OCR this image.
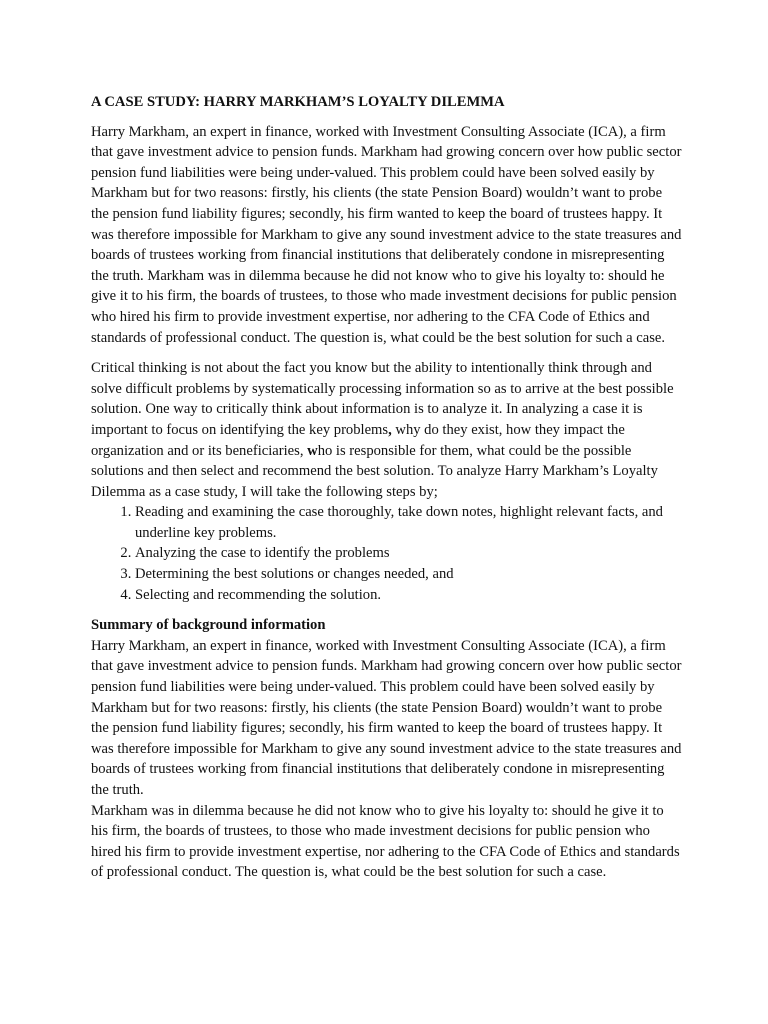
A CASE STUDY: HARRY MARKHAM’S LOYALTY DILEMMA

Harry Markham, an expert in finance, worked with Investment Consulting Associate (ICA), a firm that gave investment advice to pension funds. Markham had growing concern over how public sector pension fund liabilities were being under-valued. This problem could have been solved easily by Markham but for two reasons: firstly, his clients (the state Pension Board) wouldn’t want to probe the pension fund liability figures; secondly, his firm wanted to keep the board of trustees happy. It was therefore impossible for Markham to give any sound investment advice to the state treasures and boards of trustees working from financial institutions that deliberately condone in misrepresenting the truth. Markham was in dilemma because he did not know who to give his loyalty to: should he give it to his firm, the boards of trustees, to those who made investment decisions for public pension who hired his firm to provide investment expertise, nor adhering to the CFA Code of Ethics and standards of professional conduct. The question is, what could be the best solution for such a case.

Critical thinking is not about the fact you know but the ability to intentionally think through and solve difficult problems by systematically processing information so as to arrive at the best possible solution. One way to critically think about information is to analyze it. In analyzing a case it is important to focus on identifying the key problems, why do they exist, how they impact the organization and or its beneficiaries, who is responsible for them, what could be the possible solutions and then select and recommend the best solution. To analyze Harry Markham’s Loyalty Dilemma as a case study, I will take the following steps by;

1. Reading and examining the case thoroughly, take down notes, highlight relevant facts, and underline key problems.
2. Analyzing the case to identify the problems
3. Determining the best solutions or changes needed, and
4. Selecting and recommending the solution.

Summary of background information

Harry Markham, an expert in finance, worked with Investment Consulting Associate (ICA), a firm that gave investment advice to pension funds. Markham had growing concern over how public sector pension fund liabilities were being under-valued. This problem could have been solved easily by Markham but for two reasons: firstly, his clients (the state Pension Board) wouldn’t want to probe the pension fund liability figures; secondly, his firm wanted to keep the board of trustees happy. It was therefore impossible for Markham to give any sound investment advice to the state treasures and boards of trustees working from financial institutions that deliberately condone in misrepresenting the truth.

Markham was in dilemma because he did not know who to give his loyalty to: should he give it to his firm, the boards of trustees, to those who made investment decisions for public pension who hired his firm to provide investment expertise, nor adhering to the CFA Code of Ethics and standards of professional conduct. The question is, what could be the best solution for such a case.
